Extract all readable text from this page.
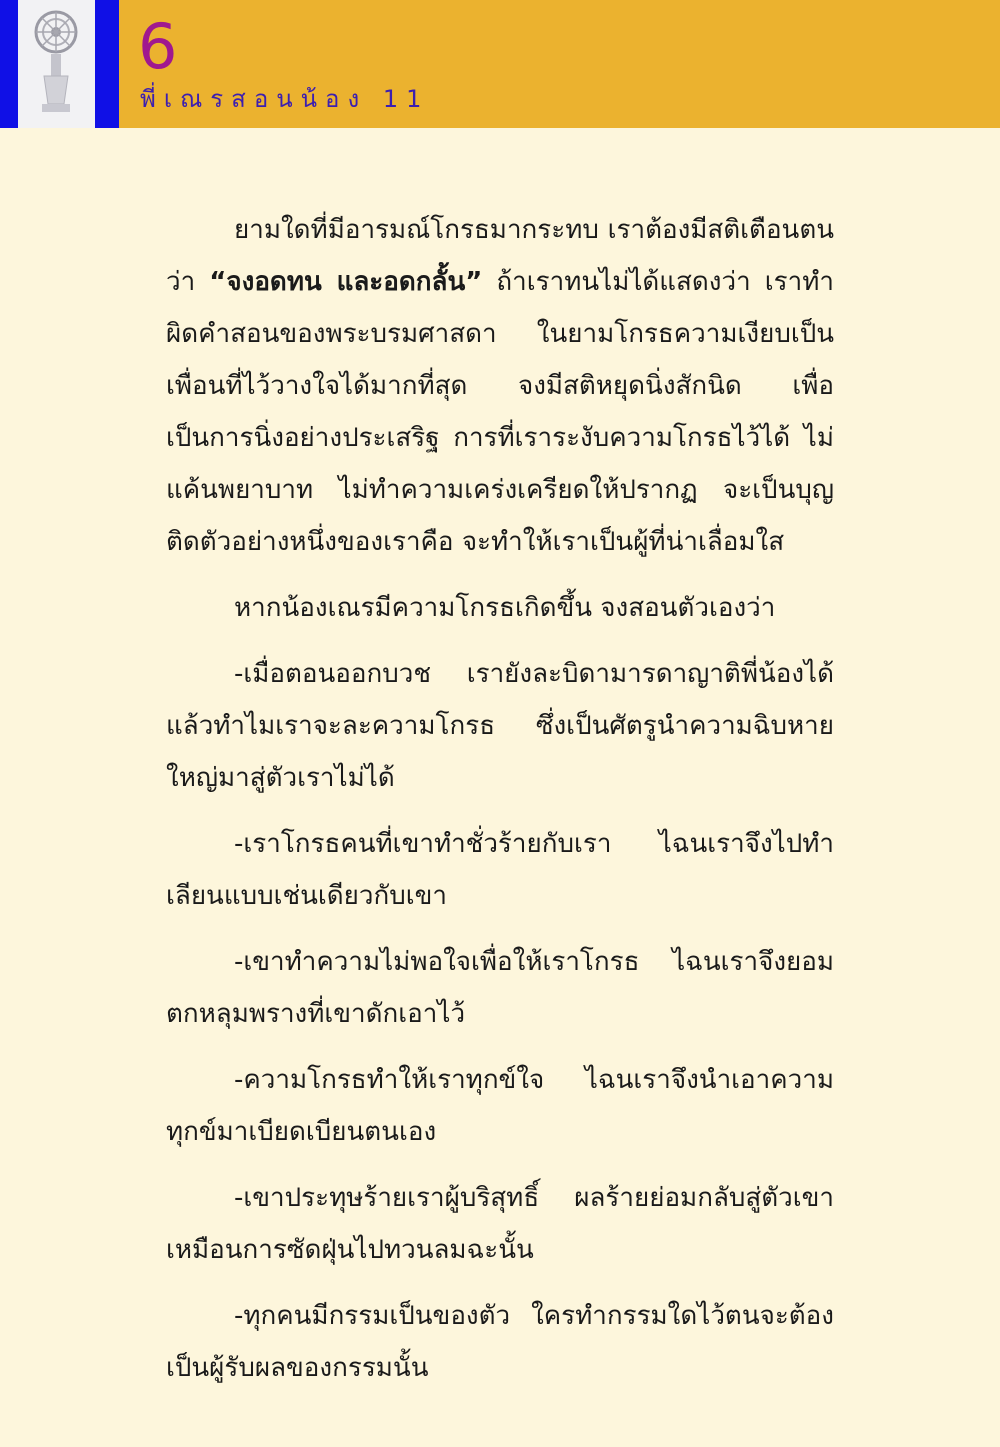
6
พี่เณรสอนน้อง 11

ยามใดที่มีอารมณ์โกรธมากระทบ เราต้องมีสติเตือนตนว่า “จงอดทน และอดกลั้น” ถ้าเราทนไม่ได้แสดงว่า เราทำผิดคำสอนของพระบรมศาสดา ในยามโกรธความเงียบเป็นเพื่อนที่ไว้วางใจได้มากที่สุด จงมีสติหยุดนิ่งสักนิด เพื่อเป็นการนิ่งอย่างประเสริฐ การที่เราระงับความโกรธไว้ได้ ไม่แค้นพยาบาท ไม่ทำความเคร่งเครียดให้ปรากฏ จะเป็นบุญติดตัวอย่างหนึ่งของเราคือ จะทำให้เราเป็นผู้ที่น่าเลื่อมใส

หากน้องเณรมีความโกรธเกิดขึ้น จงสอนตัวเองว่า

-เมื่อตอนออกบวช เรายังละบิดามารดาญาติพี่น้องได้ แล้วทำไมเราจะละความโกรธ ซึ่งเป็นศัตรูนำความฉิบหายใหญ่มาสู่ตัวเราไม่ได้

-เราโกรธคนที่เขาทำชั่วร้ายกับเรา ไฉนเราจึงไปทำเลียนแบบเช่นเดียวกับเขา

-เขาทำความไม่พอใจเพื่อให้เราโกรธ ไฉนเราจึงยอมตกหลุมพรางที่เขาดักเอาไว้

-ความโกรธทำให้เราทุกข์ใจ ไฉนเราจึงนำเอาความทุกข์มาเบียดเบียนตนเอง

-เขาประทุษร้ายเราผู้บริสุทธิ์ ผลร้ายย่อมกลับสู่ตัวเขาเหมือนการซัดฝุ่นไปทวนลมฉะนั้น

-ทุกคนมีกรรมเป็นของตัว ใครทำกรรมใดไว้ตนจะต้องเป็นผู้รับผลของกรรมนั้น
